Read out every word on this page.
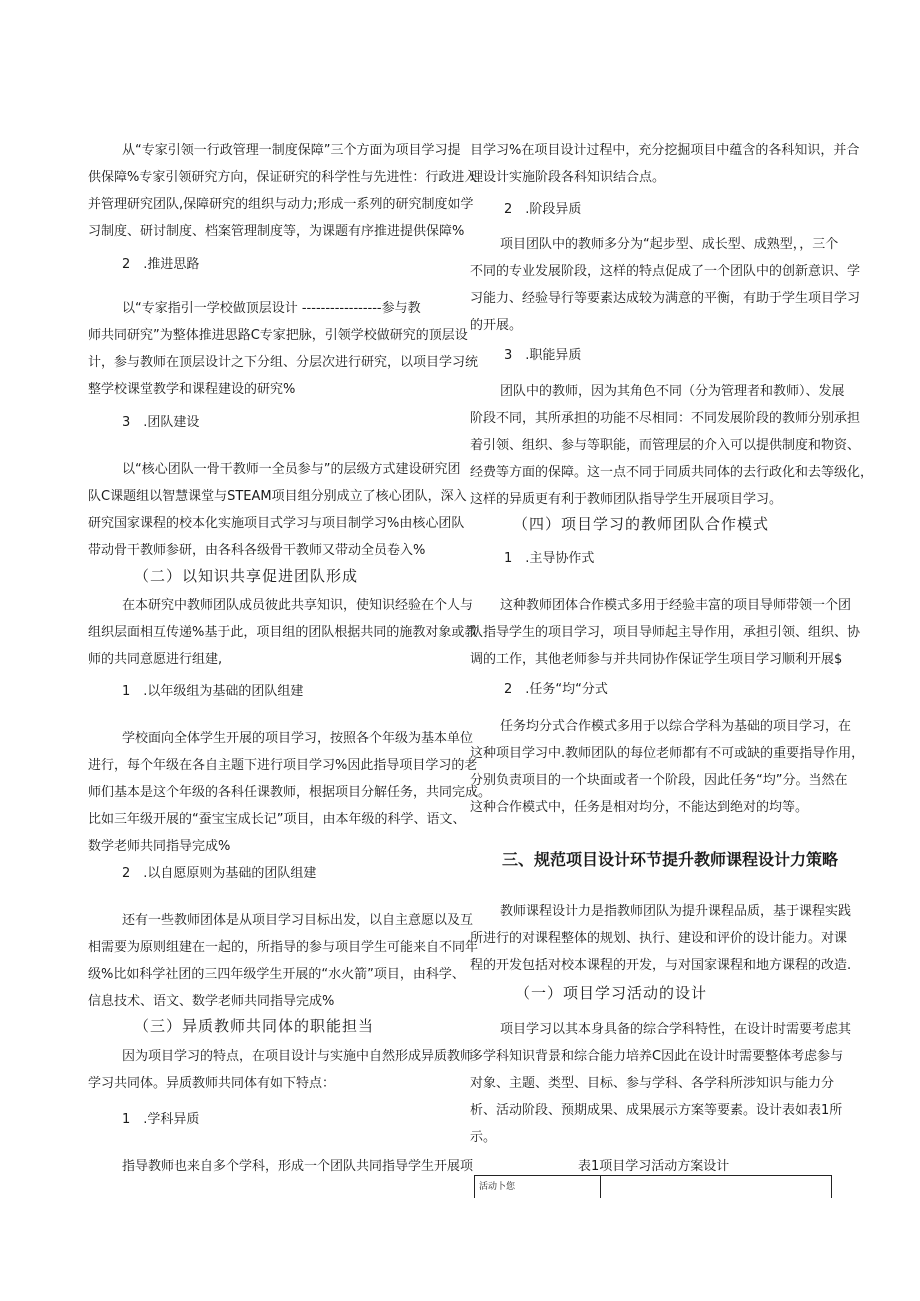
从“专家引领一行政管理一制度保障”三个方面为项目学习提
供保障%专家引领研究方向，保证研究的科学性与先进性：行政进入
并管理研究团队,保障研究的组织与动力;形成一系列的研究制度如学
习制度、研讨制度、档案管理制度等，为课题有序推进提供保障%

2　.推进思路

以“专家指引一学校做顶层设计 -----------------参与教
师共同研究”为整体推进思路C专家把脉，引领学校做研究的顶层设
计，参与教师在顶层设计之下分组、分层次进行研究，以项目学习统
整学校课堂教学和课程建设的研究%

3　.团队建设

以“核心团队一骨干教师一全员参与”的层级方式建设研究团
队C课题组以智慧课堂与STEAM项目组分别成立了核心团队，深入
研究国家课程的校本化实施项目式学习与项目制学习%由核心团队
带动骨干教师参研，由各科各级骨干教师又带动全员卷入%

（二）以知识共享促进团队形成

在本研究中教师团队成员彼此共享知识，使知识经验在个人与
组织层面相互传递%基于此，项目组的团队根据共同的施教对象或教
师的共同意愿进行组建,

1　.以年级组为基础的团队组建

学校面向全体学生开展的项目学习，按照各个年级为基本单位
进行，每个年级在各自主题下进行项目学习%因此指导项目学习的老
师们基本是这个年级的各科任课教师，根据项目分解任务，共同完成。
比如三年级开展的“蚕宝宝成长记”项目，由本年级的科学、语文、
数学老师共同指导完成%

2　.以自愿原则为基础的团队组建

还有一些教师团体是从项目学习目标出发，以自主意愿以及互
相需要为原则组建在一起的，所指导的参与项目学生可能来自不同年
级%比如科学社团的三四年级学生开展的“水火箭”项目，由科学、
信息技术、语文、数学老师共同指导完成%

（三）异质教师共同体的职能担当

因为项目学习的特点，在项目设计与实施中自然形成异质教师
学习共同体。异质教师共同体有如下特点：

1　.学科异质

指导教师也来自多个学科，形成一个团队共同指导学生开展项

目学习%在项目设计过程中，充分挖掘项目中蕴含的各科知识，并合
理设计实施阶段各科知识结合点。

2　.阶段异质

项目团队中的教师多分为“起步型、成长型、成熟型，，三个
不同的专业发展阶段，这样的特点促成了一个团队中的创新意识、学
习能力、经验导行等要素达成较为满意的平衡，有助于学生项目学习
的开展。

3　.职能异质

团队中的教师，因为其角色不同（分为管理者和教师）、发展
阶段不同，其所承担的功能不尽相同：不同发展阶段的教师分别承担
着引领、组织、参与等职能，而管理层的介入可以提供制度和物资、
经费等方面的保障。这一点不同于同质共同体的去行政化和去等级化，
这样的异质更有利于教师团队指导学生开展项目学习。

（四）项目学习的教师团队合作模式

1　.主导协作式

这种教师团体合作模式多用于经验丰富的项目导师带领一个团
队指导学生的项目学习，项目导师起主导作用，承担引领、组织、协
调的工作，其他老师参与并共同协作保证学生项目学习顺利开展$

2　.任务“均“分式

任务均分式合作模式多用于以综合学科为基础的项目学习，在
这种项目学习中.教师团队的每位老师都有不可或缺的重要指导作用，
分别负责项目的一个块面或者一个阶段，因此任务“均”分。当然在
这种合作模式中，任务是相对均分，不能达到绝对的均等。

三、规范项目设计环节提升教师课程设计力策略

教师课程设计力是指教师团队为提升课程品质，基于课程实践
所进行的对课程整体的规划、执行、建设和评价的设计能力。对课
程的开发包括对校本课程的开发，与对国家课程和地方课程的改造.

（一）项目学习活动的设计

项目学习以其本身具备的综合学科特性，在设计时需要考虑其
多学科知识背景和综合能力培养C因此在设计时需要整体考虑参与
对象、主题、类型、目标、参与学科、各学科所涉知识与能力分
析、活动阶段、预期成果、成果展示方案等要素。设计表如表1所
示。

表1项目学习活动方案设计

活动卜您
